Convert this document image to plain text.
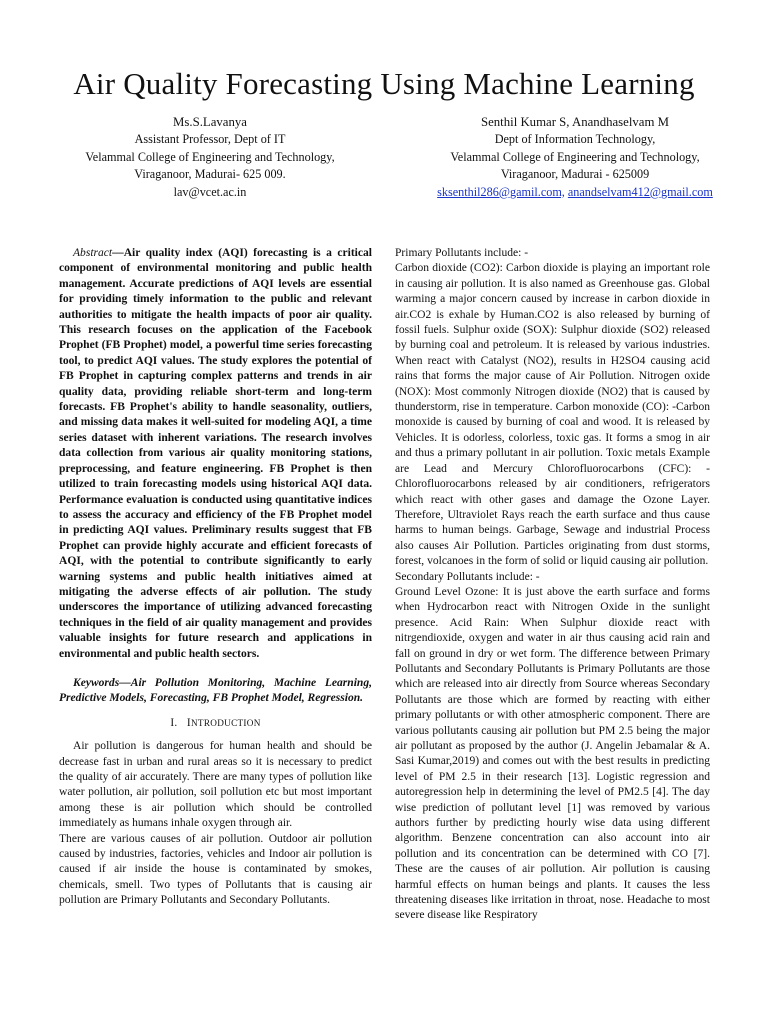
Air Quality Forecasting Using Machine Learning
Ms.S.Lavanya
Assistant Professor, Dept of IT
Velammal College of Engineering and Technology,
Viraganoor, Madurai- 625 009.
lav@vcet.ac.in
Senthil Kumar S, Anandhaselvam M
Dept of Information Technology,
Velammal College of Engineering and Technology,
Viraganoor, Madurai - 625009
sksenthil286@gamil.com, anandselvam412@gmail.com

Abstract—Air quality index (AQI) forecasting is a critical component of environmental monitoring and public health management. Accurate predictions of AQI levels are essential for providing timely information to the public and relevant authorities to mitigate the health impacts of poor air quality. This research focuses on the application of the Facebook Prophet (FB Prophet) model, a powerful time series forecasting tool, to predict AQI values. The study explores the potential of FB Prophet in capturing complex patterns and trends in air quality data, providing reliable short-term and long-term forecasts. FB Prophet's ability to handle seasonality, outliers, and missing data makes it well-suited for modeling AQI, a time series dataset with inherent variations. The research involves data collection from various air quality monitoring stations, preprocessing, and feature engineering. FB Prophet is then utilized to train forecasting models using historical AQI data. Performance evaluation is conducted using quantitative indices to assess the accuracy and efficiency of the FB Prophet model in predicting AQI values. Preliminary results suggest that FB Prophet can provide highly accurate and efficient forecasts of AQI, with the potential to contribute significantly to early warning systems and public health initiatives aimed at mitigating the adverse effects of air pollution. The study underscores the importance of utilizing advanced forecasting techniques in the field of air quality management and provides valuable insights for future research and applications in environmental and public health sectors.

Keywords—Air Pollution Monitoring, Machine Learning, Predictive Models, Forecasting, FB Prophet Model, Regression.

I. INTRODUCTION

Air pollution is dangerous for human health and should be decrease fast in urban and rural areas so it is necessary to predict the quality of air accurately. There are many types of pollution like water pollution, air pollution, soil pollution etc but most important among these is air pollution which should be controlled immediately as humans inhale oxygen through air.

There are various causes of air pollution. Outdoor air pollution caused by industries, factories, vehicles and Indoor air pollution is caused if air inside the house is contaminated by smokes, chemicals, smell. Two types of Pollutants that is causing air pollution are Primary Pollutants and Secondary Pollutants.

Primary Pollutants include: -

Carbon dioxide (CO2): Carbon dioxide is playing an important role in causing air pollution. It is also named as Greenhouse gas. Global warming a major concern caused by increase in carbon dioxide in air.CO2 is exhale by Human.CO2 is also released by burning of fossil fuels. Sulphur oxide (SOX): Sulphur dioxide (SO2) released by burning coal and petroleum. It is released by various industries. When react with Catalyst (NO2), results in H2SO4 causing acid rains that forms the major cause of Air Pollution. Nitrogen oxide (NOX): Most commonly Nitrogen dioxide (NO2) that is caused by thunderstorm, rise in temperature. Carbon monoxide (CO): -Carbon monoxide is caused by burning of coal and wood. It is released by Vehicles. It is odorless, colorless, toxic gas. It forms a smog in air and thus a primary pollutant in air pollution. Toxic metals Example are Lead and Mercury Chlorofluorocarbons (CFC): -Chlorofluorocarbons released by air conditioners, refrigerators which react with other gases and damage the Ozone Layer. Therefore, Ultraviolet Rays reach the earth surface and thus cause harms to human beings. Garbage, Sewage and industrial Process also causes Air Pollution. Particles originating from dust storms, forest, volcanoes in the form of solid or liquid causing air pollution.

Secondary Pollutants include: -

Ground Level Ozone: It is just above the earth surface and forms when Hydrocarbon react with Nitrogen Oxide in the sunlight presence. Acid Rain: When Sulphur dioxide react with nitrgendioxide, oxygen and water in air thus causing acid rain and fall on ground in dry or wet form. The difference between Primary Pollutants and Secondary Pollutants is Primary Pollutants are those which are released into air directly from Source whereas Secondary Pollutants are those which are formed by reacting with either primary pollutants or with other atmospheric component. There are various pollutants causing air pollution but PM 2.5 being the major air pollutant as proposed by the author (J. Angelin Jebamalar & A. Sasi Kumar,2019) and comes out with the best results in predicting level of PM 2.5 in their research [13]. Logistic regression and autoregression help in determining the level of PM2.5 [4]. The day wise prediction of pollutant level [1] was removed by various authors further by predicting hourly wise data using different algorithm. Benzene concentration can also account into air pollution and its concentration can be determined with CO [7]. These are the causes of air pollution. Air pollution is causing harmful effects on human beings and plants. It causes the less threatening diseases like irritation in throat, nose. Headache to most severe disease like Respiratory
